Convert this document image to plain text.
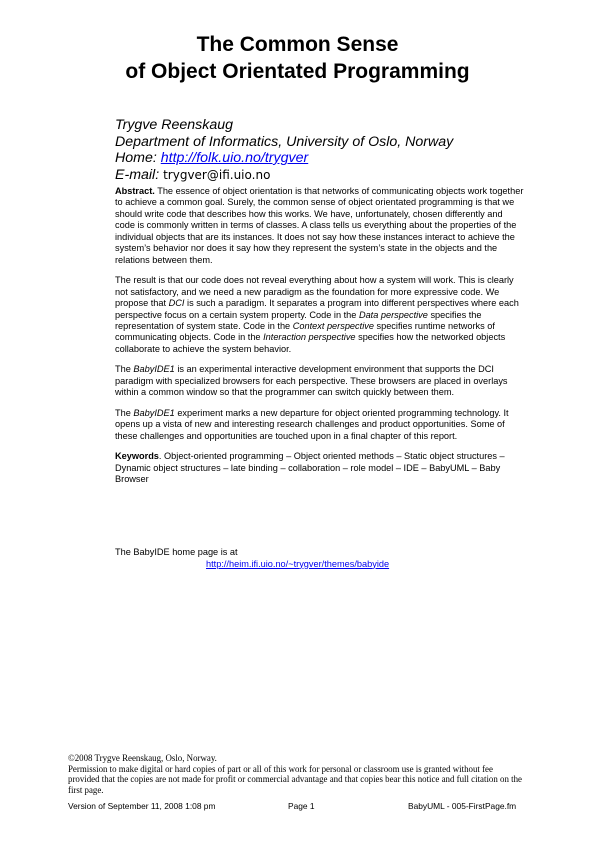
The Common Sense
of Object Orientated Programming
Trygve Reenskaug
Department of Informatics, University of Oslo, Norway
Home: http://folk.uio.no/trygver
E-mail: trygver@ifi.uio.no

Abstract. The essence of object orientation is that networks of communicating objects work together to achieve a common goal. Surely, the common sense of object orientated programming is that we should write code that describes how this works. We have, unfortunately, chosen differently and code is commonly written in terms of classes. A class tells us everything about the properties of the individual objects that are its instances. It does not say how these instances interact to achieve the system’s behavior nor does it say how they represent the system’s state in the objects and the relations between them.

The result is that our code does not reveal everything about how a system will work. This is clearly not satisfactory, and we need a new paradigm as the foundation for more expressive code. We propose that DCI is such a paradigm. It separates a program into different perspectives where each perspective focus on a certain system property. Code in the Data perspective specifies the representation of system state. Code in the Context perspective specifies runtime networks of communicating objects. Code in the Interaction perspective specifies how the networked objects collaborate to achieve the system behavior.

The BabyIDE1 is an experimental interactive development environment that supports the DCI paradigm with specialized browsers for each perspective. These browsers are placed in overlays within a common window so that the programmer can switch quickly between them.

The BabyIDE1 experiment marks a new departure for object oriented programming technology. It opens up a vista of new and interesting research challenges and product opportunities. Some of these challenges and opportunities are touched upon in a final chapter of this report.

Keywords. Object-oriented programming – Object oriented methods – Static object structures – Dynamic object structures – late binding – collaboration – role model – IDE – BabyUML – Baby Browser

The BabyIDE home page is at
http://heim.ifi.uio.no/~trygver/themes/babyide
©2008 Trygve Reenskaug, Oslo, Norway.
Permission to make digital or hard copies of part or all of this work for personal or classroom use is granted without fee provided that the copies are not made for profit or commercial advantage and that copies bear this notice and full citation on the first page.
Version of September 11, 2008 1:08 pm	Page 1	BabyUML - 005-FirstPage.fm
